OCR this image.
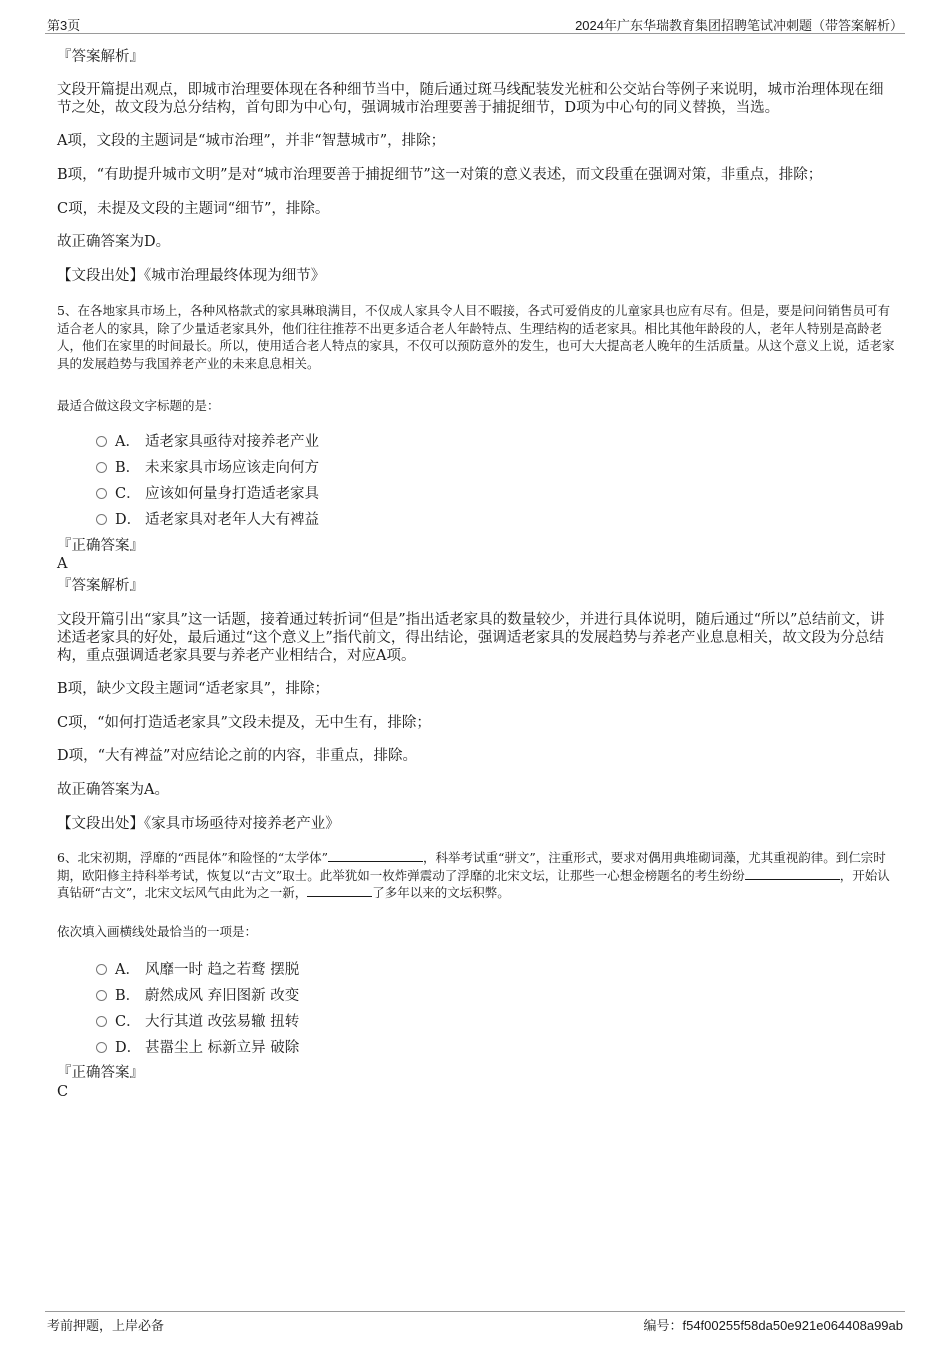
第3页	2024年广东华瑞教育集团招聘笔试冲刺题（带答案解析）
『答案解析』
文段开篇提出观点，即城市治理要体现在各种细节当中，随后通过斑马线配装发光桩和公交站台等例子来说明，城市治理体现在细节之处，故文段为总分结构，首句即为中心句，强调城市治理要善于捕捉细节，D项为中心句的同义替换，当选。
A项，文段的主题词是“城市治理”，并非“智慧城市”，排除；
B项，“有助提升城市文明”是对“城市治理要善于捕捉细节”这一对策的意义表述，而文段重在强调对策，非重点，排除；
C项，未提及文段的主题词“细节”，排除。
故正确答案为D。
【文段出处】《城市治理最终体现为细节》
5、在各地家具市场上，各种风格款式的家具琳琅满目，不仅成人家具令人目不暇接，各式可爱俏皮的儿童家具也应有尽有。但是，要是问问销售员可有适合老人的家具，除了少量适老家具外，他们往往推荐不出更多适合老人年龄特点、生理结构的适老家具。相比其他年龄段的人，老年人特别是高龄老人，他们在家里的时间最长。所以，使用适合老人特点的家具，不仅可以预防意外的发生，也可大大提高老人晚年的生活质量。从这个意义上说，适老家具的发展趋势与我国养老产业的未来息息相关。
最适合做这段文字标题的是：
A． 适老家具亟待对接养老产业
B． 未来家具市场应该走向何方
C． 应该如何量身打造适老家具
D． 适老家具对老年人大有裨益
『正确答案』
A
『答案解析』
文段开篇引出“家具”这一话题，接着通过转折词“但是”指出适老家具的数量较少，并进行具体说明，随后通过“所以”总结前文，讲述适老家具的好处，最后通过“这个意义上”指代前文，得出结论，强调适老家具的发展趋势与养老产业息息相关，故文段为分总结构，重点强调适老家具要与养老产业相结合，对应A项。
B项，缺少文段主题词“适老家具”，排除；
C项，“如何打造适老家具”文段未提及，无中生有，排除；
D项，“大有裨益”对应结论之前的内容，非重点，排除。
故正确答案为A。
【文段出处】《家具市场亟待对接养老产业》
6、北宋初期，浮靡的“西昆体”和险怪的“太学体”	，科举考试重“骈文”，注重形式，要求对偶用典堆砌词藻，尤其重视韵律。到仁宗时期，欧阳修主持科举考试，恢复以“古文”取士。此举犹如一枚炸弹震动了浮靡的北宋文坛，让那些一心想金榜题名的考生纷纷	，开始认真钻研“古文”，北宋文坛风气由此为之一新，	了多年以来的文坛积弊。
依次填入画横线处最恰当的一项是：
A． 风靡一时 趋之若鹜 摆脱
B． 蔚然成风 弃旧图新 改变
C． 大行其道 改弦易辙 扭转
D． 甚嚣尘上 标新立异 破除
『正确答案』
C
考前押题，上岸必备	编号：f54f00255f58da50e921e064408a99ab
